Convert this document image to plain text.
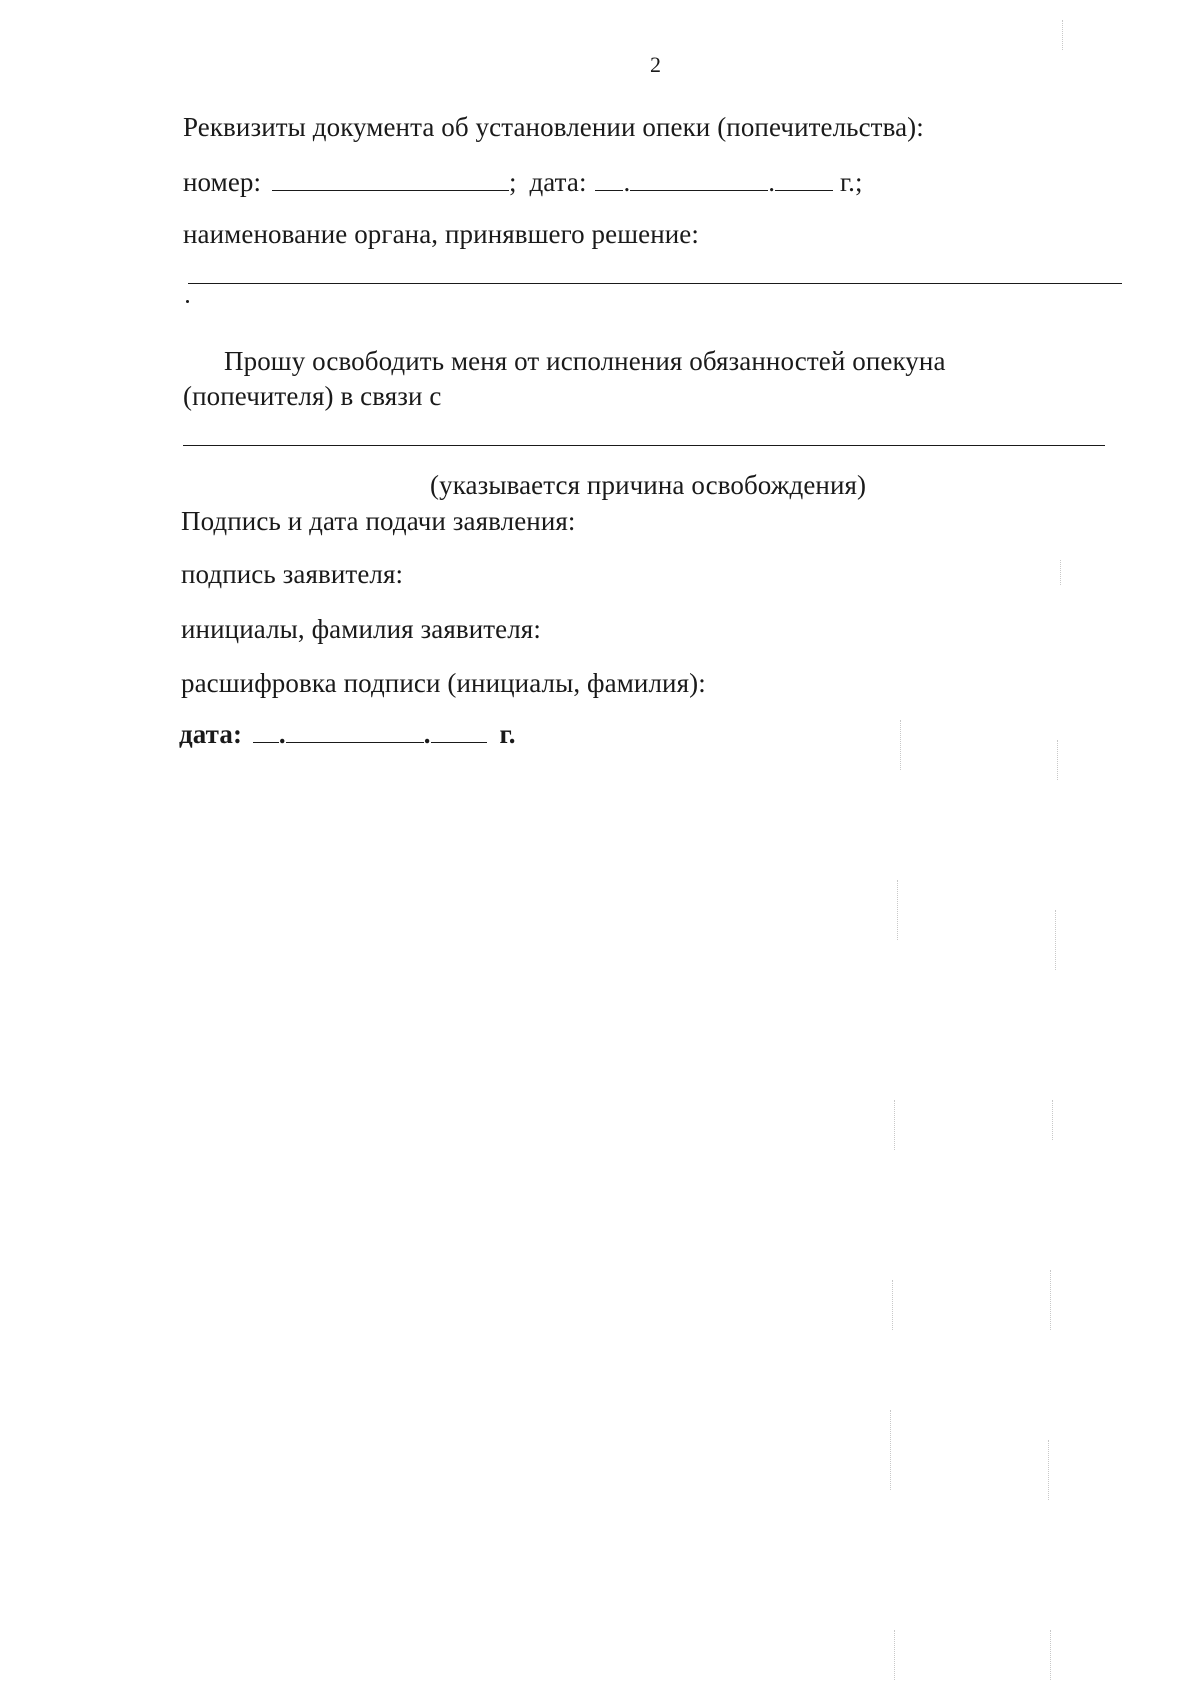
2
Реквизиты документа об установлении опеки (попечительства):
номер:	; дата: .	. г.;
наименование органа, принявшего решение:
Прошу освободить меня от исполнения обязанностей опекуна
(попечителя) в связи с
(указывается причина освобождения)
Подпись и дата подачи заявления:
подпись заявителя:
инициалы, фамилия заявителя:
расшифровка подписи (инициалы, фамилия):
дата: .	.	г.
